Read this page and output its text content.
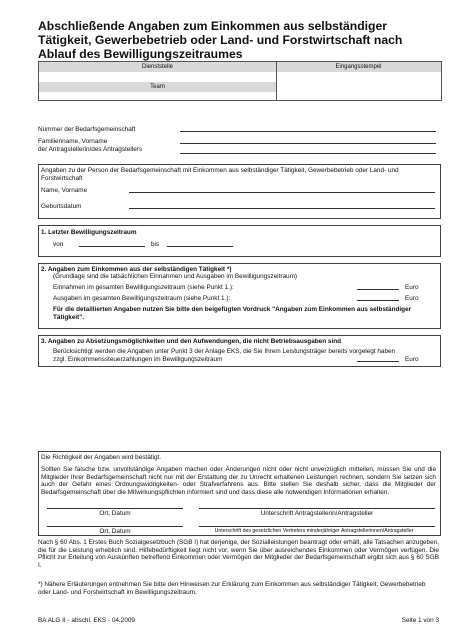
Abschließende Angaben zum Einkommen aus selbständiger Tätigkeit, Gewerbebetrieb oder Land- und Forstwirtschaft nach Ablauf des Bewilligungszeitraumes
Dienststelle	Eingangsstempel
Team
Nummer der Bedarfsgemeinschaft
Familienname, Vorname
der Antragstellerin/des Antragstellers
Angaben zu der Person der Bedarfsgemeinschaft mit Einkommen aus selbständiger Tätigkeit, Gewerbebetrieb oder Land- und Forstwirtschaft
Name, Vorname
Geburtsdatum
1. Letzter Bewilligungszeitraum
von	bis
2. Angaben zum Einkommen aus der selbständigen Tätigkeit *)
(Grundlage sind die tatsächlichen Einnahmen und Ausgaben im Bewilligungszeitraum)
Einnahmen im gesamten Bewilligungszeitraum (siehe Punkt 1.):	Euro
Ausgaben im gesamten Bewilligungszeitraum (siehe Punkt 1.):	Euro
Für die detaillierten Angaben nutzen Sie bitte den beigefügten Vordruck "Angaben zum Einkommen aus selbständiger Tätigkeit".
3. Angaben zu Absetzungsmöglichkeiten und den Aufwendungen, die nicht Betriebsausgaben sind
Berücksichtigt werden die Angaben unter Punkt 3 der Anlage EKS, die Sie Ihrem Leistungsträger bereits vorgelegt haben
zzgl. Einkommenssteuerzahlungen im Bewilligungszeitraum	Euro
Die Richtigkeit der Angaben wird bestätigt.
Sollten Sie falsche bzw. unvollständige Angaben machen oder Änderungen nicht oder nicht unverzüglich mitteilen, müssen Sie und die Mitglieder Ihrer Bedarfsgemeinschaft nicht nur mit der Erstattung der zu Unrecht erhaltenen Leistungen rechnen, sondern Sie setzen sich auch der Gefahr eines Ordnungswidrigkeiten- oder Strafverfahrens aus. Bitte stellen Sie deshalb sicher, dass die Mitglieder der Bedarfsgemeinschaft über die Mitwirkungspflichten informiert sind und dass diese alle notwendigen Informationen erhalten.
Ort, Datum	Unterschrift Antragstellerin/Antragsteller
Ort, Datum	Unterschrift des gesetzlichen Vertreters minderjähriger Antragstellerinnen/Antragsteller
Nach § 60 Abs. 1 Erstes Buch Sozialgesetzbuch (SGB I) hat derjenige, der Sozialleistungen beantragt oder erhält, alle Tatsachen anzugeben, die für die Leistung erheblich sind. Hilfebedürftigkeit liegt nicht vor, wenn Sie über ausreichendes Einkommen oder Vermögen verfügen. Die Pflicht zur Erteilung von Auskünften betreffend Einkommen oder Vermögen der Mitglieder der Bedarfsgemeinschaft ergibt sich aus § 60 SGB I.
*) Nähere Erläuterungen entnehmen Sie bitte den Hinweisen zur Erklärung zum Einkommen aus selbständiger Tätigkeit, Gewerbebetrieb oder Land- und Forstwirtschaft im Bewilligungszeitraum.
BA ALG II - abschl. EKS - 04.2009	Seite 1 von 3
